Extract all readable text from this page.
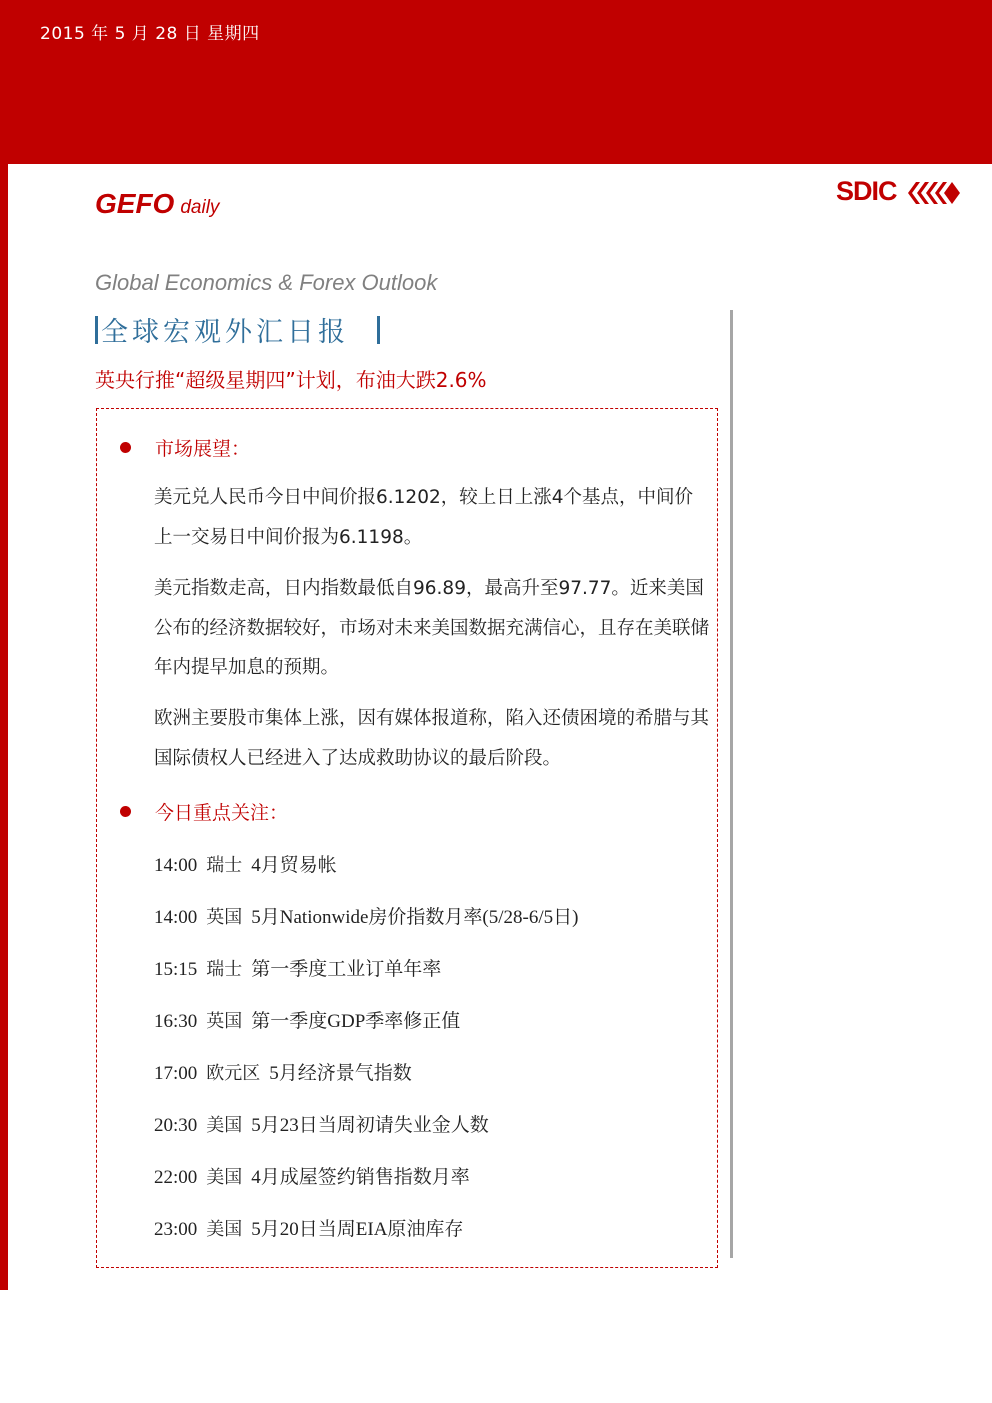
2015 年 5 月 28 日 星期四
GEFO daily
SDIC
Global Economics & Forex Outlook
全球宏观外汇日报
英央行推“超级星期四”计划，布油大跌2.6%
市场展望：
美元兑人民币今日中间价报6.1202，较上日上涨4个基点，中间价上一交易日中间价报为6.1198。
美元指数走高，日内指数最低自96.89，最高升至97.77。近来美国公布的经济数据较好，市场对未来美国数据充满信心，且存在美联储年内提早加息的预期。
欧洲主要股市集体上涨，因有媒体报道称，陷入还债困境的希腊与其国际债权人已经进入了达成救助协议的最后阶段。
今日重点关注：
14:00 瑞士 4月贸易帐
14:00 英国 5月Nationwide房价指数月率(5/28-6/5日)
15:15 瑞士 第一季度工业订单年率
16:30 英国 第一季度GDP季率修正值
17:00 欧元区 5月经济景气指数
20:30 美国 5月23日当周初请失业金人数
22:00 美国 4月成屋签约销售指数月率
23:00 美国 5月20日当周EIA原油库存
